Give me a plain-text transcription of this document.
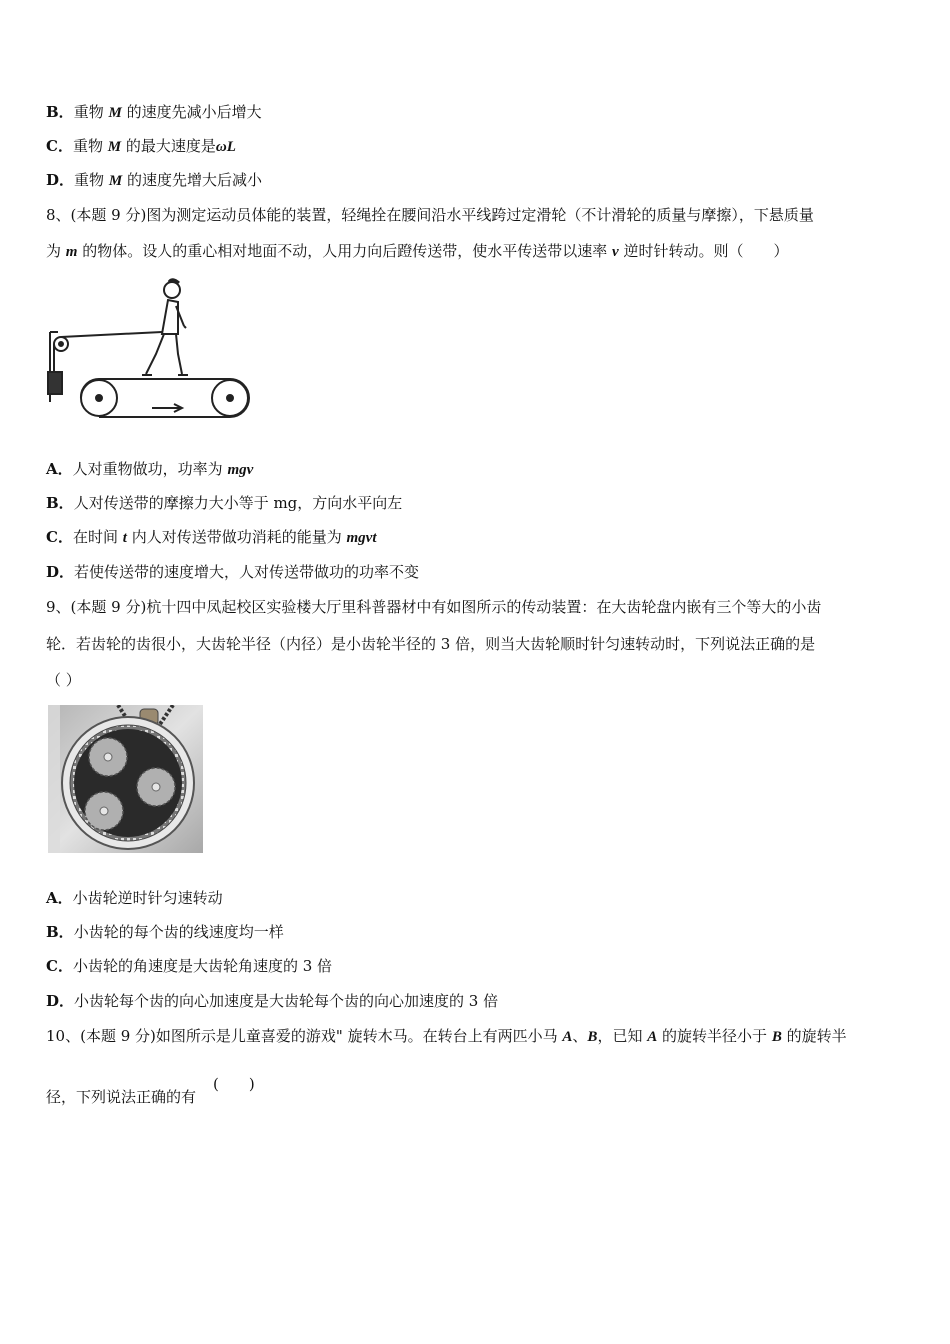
B．重物 M 的速度先减小后增大
C．重物 M 的最大速度是ωL
D．重物 M 的速度先增大后减小
8、(本题 9 分)图为测定运动员体能的装置，轻绳拴在腰间沿水平线跨过定滑轮（不计滑轮的质量与摩擦），下悬质量
为 m 的物体。设人的重心相对地面不动，人用力向后蹬传送带，使水平传送带以速率 v 逆时针转动。则（　　）
A．人对重物做功，功率为 mgv
B．人对传送带的摩擦力大小等于 mg，方向水平向左
C．在时间 t 内人对传送带做功消耗的能量为 mgvt
D．若使传送带的速度增大，人对传送带做功的功率不变
9、(本题 9 分)杭十四中凤起校区实验楼大厅里科普器材中有如图所示的传动装置：在大齿轮盘内嵌有三个等大的小齿
轮．若齿轮的齿很小，大齿轮半径（内径）是小齿轮半径的 3 倍，则当大齿轮顺时针匀速转动时，下列说法正确的是
（ ）
A．小齿轮逆时针匀速转动
B．小齿轮的每个齿的线速度均一样
C．小齿轮的角速度是大齿轮角速度的 3 倍
D．小齿轮每个齿的向心加速度是大齿轮每个齿的向心加速度的 3 倍
10、(本题 9 分)如图所示是儿童喜爱的游戏" 旋转木马。在转台上有两匹小马 A、B，已知 A 的旋转半径小于 B 的旋转半
径，下列说法正确的有
(　　)
